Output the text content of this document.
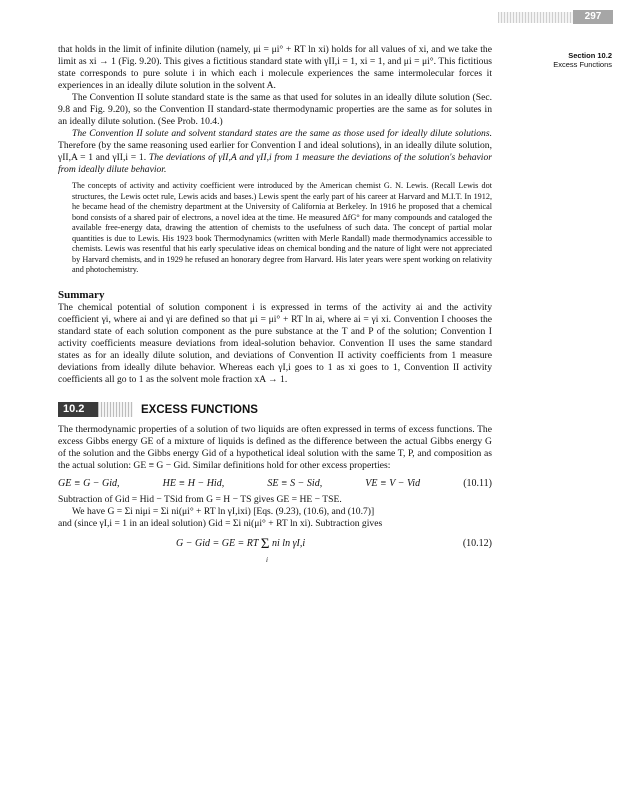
297
Section 10.2
Excess Functions

that holds in the limit of infinite dilution (namely, μi = μi° + RT ln xi) holds for all values of xi, and we take the limit as xi → 1 (Fig. 9.20). This gives a fictitious standard state with γII,i = 1, xi = 1, and μi = μi°. This fictitious state corresponds to pure solute i in which each i molecule experiences the same intermolecular forces it experiences in an ideally dilute solution in the solvent A.

The Convention II solute standard state is the same as that used for solutes in an ideally dilute solution (Sec. 9.8 and Fig. 9.20), so the Convention II standard-state thermodynamic properties are the same as for solutes in an ideally dilute solution. (See Prob. 10.4.)

The Convention II solute and solvent standard states are the same as those used for ideally dilute solutions. Therefore (by the same reasoning used earlier for Convention I and ideal solutions), in an ideally dilute solution, γII,A = 1 and γII,i = 1. The deviations of γII,A and γII,i from 1 measure the deviations of the solution's behavior from ideally dilute behavior.

The concepts of activity and activity coefficient were introduced by the American chemist G. N. Lewis. (Recall Lewis dot structures, the Lewis octet rule, Lewis acids and bases.) Lewis spent the early part of his career at Harvard and M.I.T. In 1912, he became head of the chemistry department at the University of California at Berkeley. In 1916 he proposed that a chemical bond consists of a shared pair of electrons, a novel idea at the time. He measured ΔfG° for many compounds and cataloged the available free-energy data, drawing the attention of chemists to the usefulness of such data. The concept of partial molar quantities is due to Lewis. His 1923 book Thermodynamics (written with Merle Randall) made thermodynamics accessible to chemists. Lewis was resentful that his early speculative ideas on chemical bonding and the nature of light were not appreciated by Harvard chemists, and in 1929 he refused an honorary degree from Harvard. His later years were spent working on relativity and photochemistry.
Summary

The chemical potential of solution component i is expressed in terms of the activity ai and the activity coefficient γi, where ai and γi are defined so that μi = μi° + RT ln ai, where ai = γi xi. Convention I chooses the standard state of each solution component as the pure substance at the T and P of the solution; Convention I activity coefficients measure deviations from ideal-solution behavior. Convention II uses the same standard states as for an ideally dilute solution, and deviations of Convention II activity coefficients from 1 measure deviations from ideally dilute behavior. Whereas each γI,i goes to 1 as xi goes to 1, Convention II activity coefficients all go to 1 as the solvent mole fraction xA → 1.

10.2	EXCESS FUNCTIONS

The thermodynamic properties of a solution of two liquids are often expressed in terms of excess functions. The excess Gibbs energy GE of a mixture of liquids is defined as the difference between the actual Gibbs energy G of the solution and the Gibbs energy Gid of a hypothetical ideal solution with the same T, P, and composition as the actual solution: GE ≡ G − Gid. Similar definitions hold for other excess properties:

GE ≡ G − Gid,	HE ≡ H − Hid,	SE ≡ S − Sid,	VE ≡ V − Vid	(10.11)

Subtraction of Gid = Hid − TSid from G = H − TS gives GE = HE − TSE.

We have G = Σi niμi = Σi ni(μi° + RT ln γI,ixi) [Eqs. (9.23), (10.6), and (10.7)]

and (since γI,i = 1 in an ideal solution) Gid = Σi ni(μi° + RT ln xi). Subtraction gives

G − Gid = GE = RT Σ ni ln γI,i
i
(10.12)
